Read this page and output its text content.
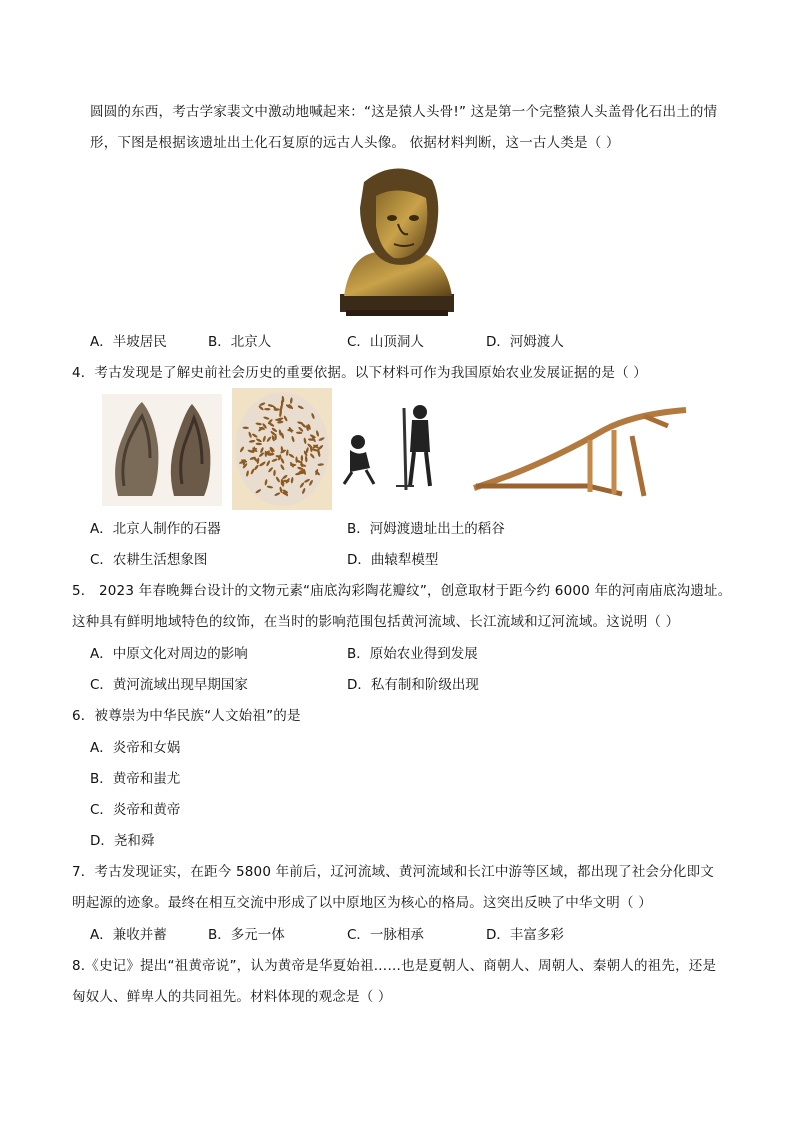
圆圆的东西，考古学家裴文中激动地喊起来：“这是猿人头骨!” 这是第一个完整猿人头盖骨化石出土的情
形，下图是根据该遗址出土化石复原的远古人头像。 依据材料判断，这一古人类是（ ）
A．半坡居民	B．北京人	C．山顶洞人	D．河姆渡人
4．考古发现是了解史前社会历史的重要依据。以下材料可作为我国原始农业发展证据的是（ ）
A．北京人制作的石器	B．河姆渡遗址出土的稻谷
C．农耕生活想象图	D．曲辕犁模型
5． 2023 年春晚舞台设计的文物元素“庙底沟彩陶花瓣纹”，创意取材于距今约 6000 年的河南庙底沟遗址。
这种具有鲜明地域特色的纹饰，在当时的影响范围包括黄河流域、长江流域和辽河流域。这说明（ ）
A．中原文化对周边的影响	B．原始农业得到发展
C．黄河流域出现早期国家	D．私有制和阶级出现
6．被尊崇为中华民族“人文始祖”的是
A．炎帝和女娲
B．黄帝和蚩尤
C．炎帝和黄帝
D．尧和舜
7．考古发现证实，在距今 5800 年前后，辽河流域、黄河流域和长江中游等区域，都出现了社会分化即文
明起源的迹象。最终在相互交流中形成了以中原地区为核心的格局。这突出反映了中华文明（ ）
A．兼收并蓄	B．多元一体	C．一脉相承	D．丰富多彩
8.《史记》提出“祖黄帝说”，认为黄帝是华夏始祖……也是夏朝人、商朝人、周朝人、秦朝人的祖先，还是
匈奴人、鲜卑人的共同祖先。材料体现的观念是（ ）
